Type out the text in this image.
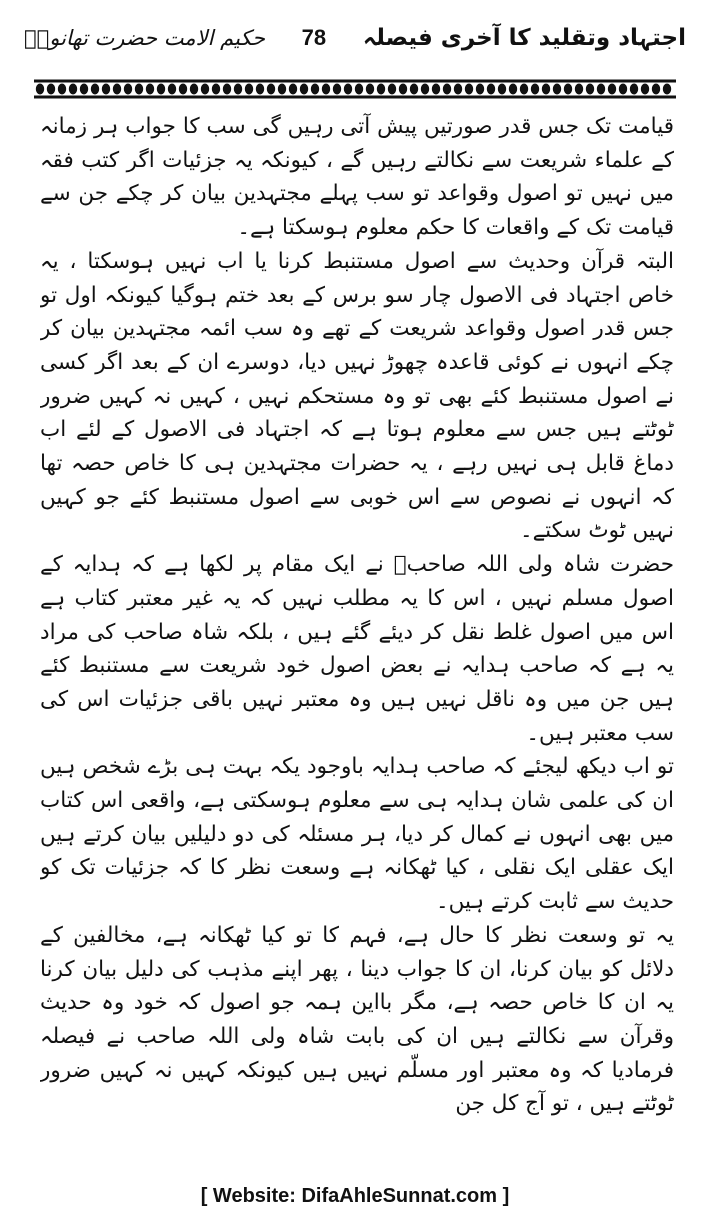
اجتہاد وتقلید کا آخری فیصلہ
78
حکیم الامت حضرت تھانویؒ

قیامت تک جس قدر صورتیں پیش آتی رہیں گی سب کا جواب ہر زمانہ کے علماء شریعت سے نکالتے رہیں گے ، کیونکہ یہ جزئیات اگر کتب فقہ میں نہیں تو اصول وقواعد تو سب پہلے مجتہدین بیان کر چکے جن سے قیامت تک کے واقعات کا حکم معلوم ہوسکتا ہے۔

البتہ قرآن وحدیث سے اصول مستنبط کرنا یا اب نہیں ہوسکتا ، یہ خاص اجتہاد فی الاصول چار سو برس کے بعد ختم ہوگیا کیونکہ اول تو جس قدر اصول وقواعد شریعت کے تھے وہ سب ائمہ مجتہدین بیان کر چکے انہوں نے کوئی قاعدہ چھوڑ نہیں دیا، دوسرے ان کے بعد اگر کسی نے اصول مستنبط کئے بھی تو وہ مستحکم نہیں ، کہیں نہ کہیں ضرور ٹوٹتے ہیں جس سے معلوم ہوتا ہے کہ اجتہاد فی الاصول کے لئے اب دماغ قابل ہی نہیں رہے ، یہ حضرات مجتہدین ہی کا خاص حصہ تھا کہ انہوں نے نصوص سے اس خوبی سے اصول مستنبط کئے جو کہیں نہیں ٹوٹ سکتے۔

حضرت شاہ ولی اللہ صاحبؒ نے ایک مقام پر لکھا ہے کہ ہدایہ کے اصول مسلم نہیں ، اس کا یہ مطلب نہیں کہ یہ غیر معتبر کتاب ہے اس میں اصول غلط نقل کر دیئے گئے ہیں ، بلکہ شاہ صاحب کی مراد یہ ہے کہ صاحب ہدایہ نے بعض اصول خود شریعت سے مستنبط کئے ہیں جن میں وہ ناقل نہیں ہیں وہ معتبر نہیں باقی جزئیات اس کی سب معتبر ہیں۔

تو اب دیکھ لیجئے کہ صاحب ہدایہ باوجود یکہ بہت ہی بڑے شخص ہیں ان کی علمی شان ہدایہ ہی سے معلوم ہوسکتی ہے، واقعی اس کتاب میں بھی انہوں نے کمال کر دیا، ہر مسئلہ کی دو دلیلیں بیان کرتے ہیں ایک عقلی ایک نقلی ، کیا ٹھکانہ ہے وسعت نظر کا کہ جزئیات تک کو حدیث سے ثابت کرتے ہیں۔

یہ تو وسعت نظر کا حال ہے، فہم کا تو کیا ٹھکانہ ہے، مخالفین کے دلائل کو بیان کرنا، ان کا جواب دینا ، پھر اپنے مذہب کی دلیل بیان کرنا یہ ان کا خاص حصہ ہے، مگر بااین ہمہ جو اصول کہ خود وہ حدیث وقرآن سے نکالتے ہیں ان کی بابت شاہ ولی اللہ صاحب نے فیصلہ فرمادیا کہ وہ معتبر اور مسلّم نہیں ہیں کیونکہ کہیں نہ کہیں ضرور ٹوٹتے ہیں ، تو آج کل جن

[ Website: DifaAhleSunnat.com ]
